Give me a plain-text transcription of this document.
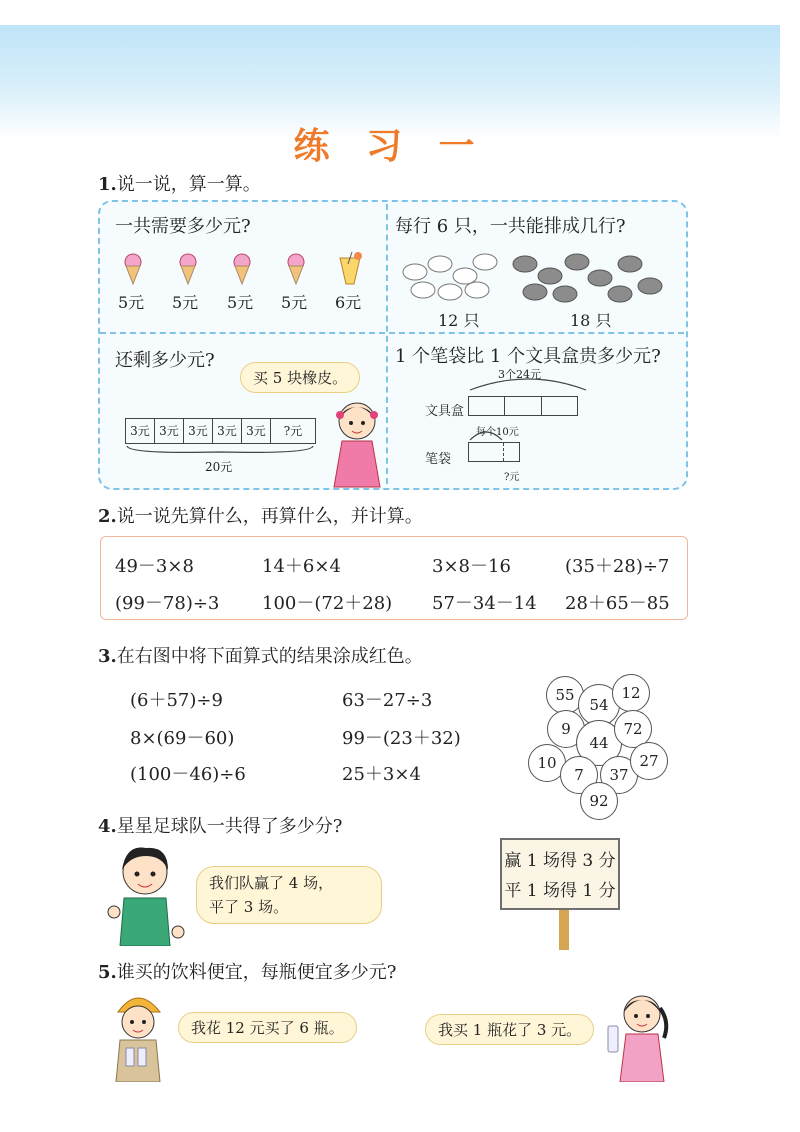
练 习 一
1.说一说，算一算。
一共需要多少元?
5元 5元 5元 5元 6元
每行 6 只，一共能排成几行?
12 只	18 只
还剩多少元?
买 5 块橡皮。
3元 3元 3元 3元 3元	?元
20元
1 个笔袋比 1 个文具盒贵多少元?
3个24元
文具盒
每个10元
笔袋
?元
2.说一说先算什么，再算什么，并计算。
49－3×8	14＋6×4	3×8－16	(35＋28)÷7
(99－78)÷3 100－(72＋28) 57－34－14 28＋65－85
3.在右图中将下面算式的结果涂成红色。
(6＋57)÷9
8×(69－60)
(100－46)÷6
63－27÷3
99－(23＋32)
25＋3×4
55
54
12
9
44
72
10
7	37
27
92
4.星星足球队一共得了多少分?
我们队赢了 4 场，
平了 3 场。
赢 1 场得 3 分
平 1 场得 1 分
5.谁买的饮料便宜，每瓶便宜多少元?
我花 12 元买了 6 瓶。	我买 1 瓶花了 3 元。
